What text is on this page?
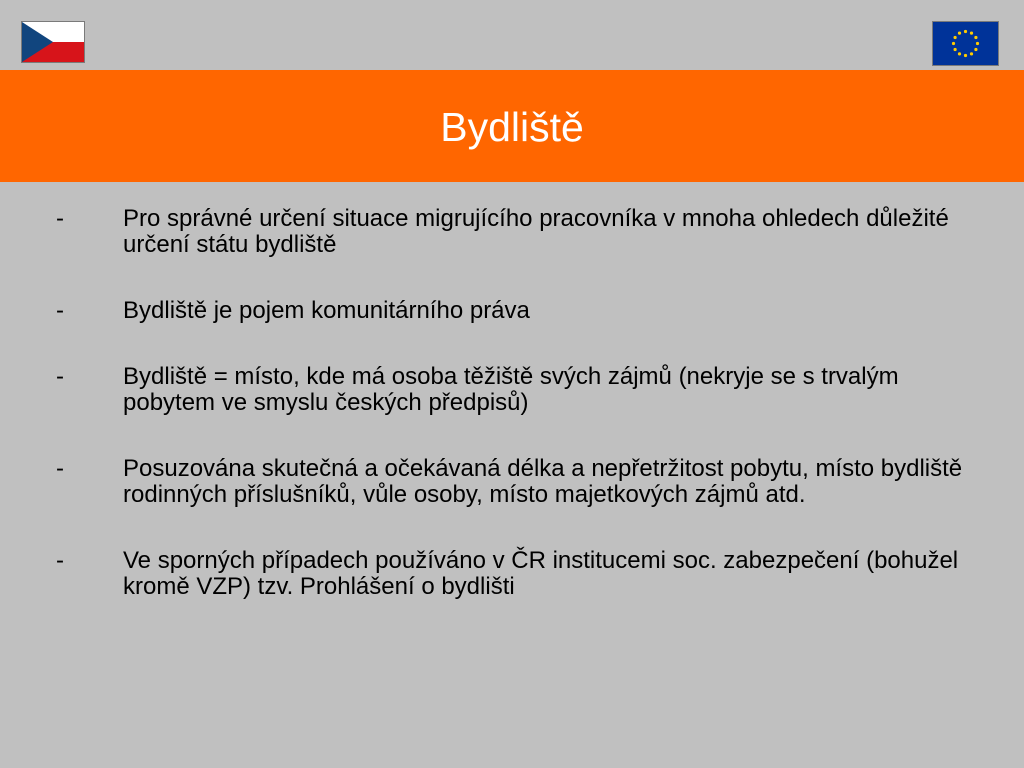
Bydliště
- Pro správné určení situace migrujícího pracovníka v mnoha ohledech důležité určení státu bydliště
- Bydliště je pojem komunitárního práva
- Bydliště = místo, kde má osoba těžiště svých zájmů (nekryje se s trvalým pobytem ve smyslu českých předpisů)
- Posuzována skutečná a očekávaná délka a nepřetržitost pobytu, místo bydliště rodinných příslušníků, vůle osoby, místo majetkových zájmů atd.
- Ve sporných případech používáno v ČR institucemi soc. zabezpečení (bohužel kromě VZP) tzv. Prohlášení o bydlišti
